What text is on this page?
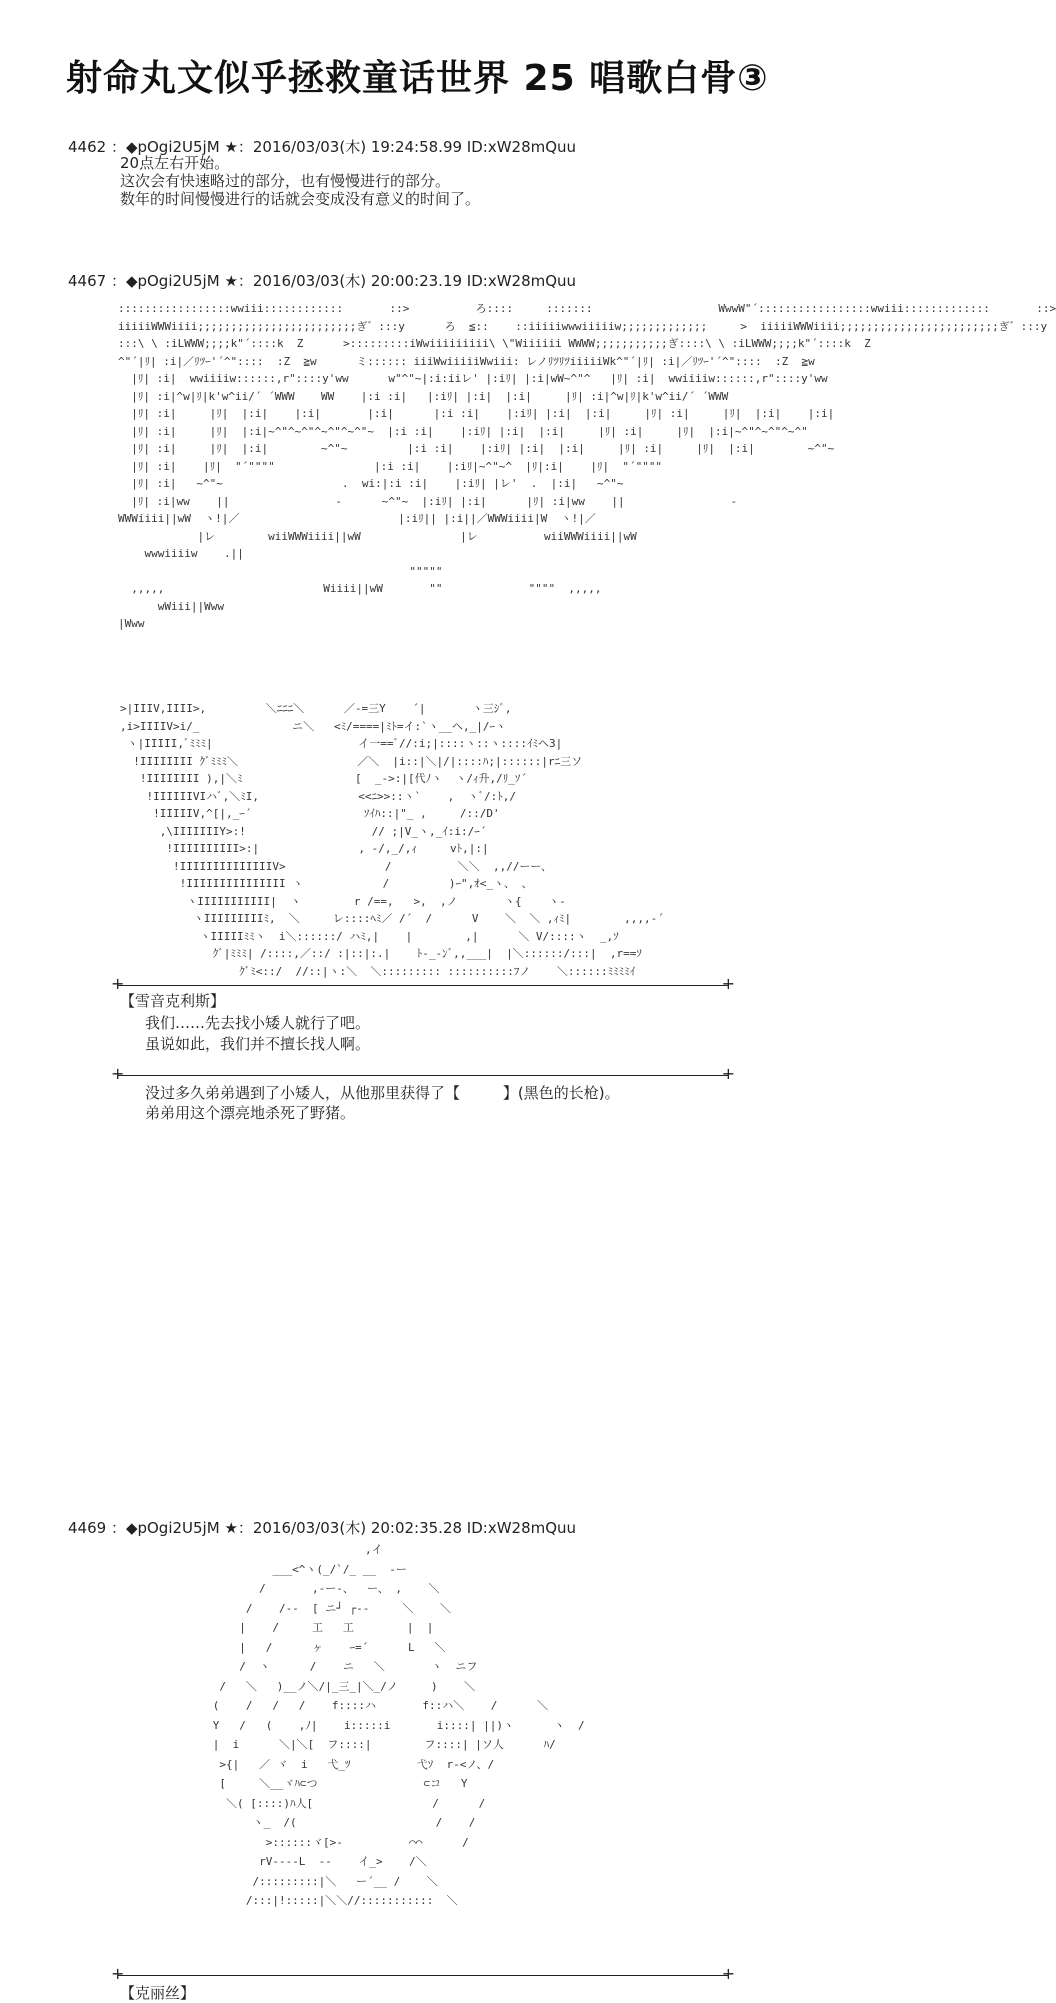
射命丸文似乎拯救童话世界 25 唱歌白骨③
4462 ：◆pOgi2U5jM ★：2016/03/03(木) 19:24:58.99 ID:xW28mQuu
20点左右开始。
这次会有快速略过的部分，也有慢慢进行的部分。
数年的时间慢慢进行的话就会变成没有意义的时间了。
4467 ：◆pOgi2U5jM ★：2016/03/03(木) 20:00:23.19 ID:xW28mQuu
:::::::::::::::::wwiii::::::::::::       ::>          ろ::::     :::::::                   WwwW"´:::::::::::::::::wwiii:::::::::::::       ::>
iiiiiWWWiiii;;;;;;;;;;;;;;;;;;;;;;;;ぎ゛:::y      ろ  ≦::    ::iiiiiwwwiiiiiw;;;;;;;;;;;;;     >  iiiiiWWWiiii;;;;;;;;;;;;;;;;;;;;;;;;ぎ゛:::y
:::\ \ :iLWWW;;;;k"´::::k  Z      >:::::::::iWwiiiiiiiii\ \"Wiiiiii WWWW;;;;;;;;;;;ぎ::::\ \ :iLWWW;;;;k"´::::k  Z
^"´|ﾘ| :i|／ﾘﾂｰ'´^"::::  :Z  ≧w      ミ:::::: iiiWwiiiiiWwiii: レノﾘﾂﾘﾂiiiiiWk^"´|ﾘ| :i|／ﾘﾂｰ'´^"::::  :Z  ≧w
|ﾘ| :i|  wwiiiiw::::::,r"::::y'ww      w"^"~|:i:iiレ' |:iﾘ| |:i|wW~^"^   |ﾘ| :i|  wwiiiiw::::::,r"::::y'ww
|ﾘ| :i|^w|ﾘ|k'w^ii/´ ´WWW    WW    |:i :i|   |:iﾘ| |:i|  |:i|     |ﾘ| :i|^w|ﾘ|k'w^ii/´ ´WWW
|ﾘ| :i|     |ﾘ|  |:i|    |:i|       |:i|      |:i :i|    |:iﾘ| |:i|  |:i|     |ﾘ| :i|     |ﾘ|  |:i|    |:i|
|ﾘ| :i|     |ﾘ|  |:i|~^"^~^"^~^"^~^"~  |:i :i|    |:iﾘ| |:i|  |:i|     |ﾘ| :i|     |ﾘ|  |:i|~^"^~^"^~^"
|ﾘ| :i|     |ﾘ|  |:i|        ~^"~         |:i :i|    |:iﾘ| |:i|  |:i|     |ﾘ| :i|     |ﾘ|  |:i|        ~^"~
|ﾘ| :i|    |ﾘ|  "´""""               |:i :i|    |:iﾘ|~^"~^  |ﾘ|:i|    |ﾘ|  "´""""
|ﾘ| :i|   ~^"~                  .  wi:|:i :i|    |:iﾘ| |レ'  .  |:i|   ~^"~
|ﾘ| :i|ww    ||                -      ~^"~  |:iﾘ| |:i|      |ﾘ| :i|ww    ||                -
WWWiiii||wW  ヽ!|／                        |:iﾘ|| |:i||／WWWiiii|W  ヽ!|／
|レ        wiiWWWiiii||wW               |レ          wiiWWWiiii||wW
wwwiiiiw    .||
"""""
,,,,,                        Wiiii||wW       ""             """"  ,,,,,
wWiii||Www
|Www
>|IIIV,IIII>,         ＼ﾆﾆﾆ＼      ／-=三Y    ´|       ヽ三ｼﾞ,
,i>IIIIV>i/_              ニ＼   <ﾐ/====|ﾐﾄ=イ:`ヽ__ヘ,_|/ｰヽ
ヽ|IIIII,ﾞﾐﾐﾐ|                      イ一==ﾞ//:i;|::::ヽ::ヽ::::ｲﾐヘ3|
!IIIIIIII ｸﾞﾐﾐﾐ＼                  ／＼  |i::|＼|/|::::ﾊ;|::::::|rﾆ三ソ
!IIIIIIII ),|＼ﾐ                 [  _->:|[代ﾉヽ  ヽ/ｨ升,/ﾘ_ｿ´
!IIIIIIVIハﾞ,＼ﾐI,               <<ﾆ>>::ヽ`    ,  ヽﾞ/:ﾄ,/
!IIIIIV,^[|,_ｰ´                 ｿｲﾊ::|"_ ,     /::/D'
,\IIIIIIIY>:!                   // ;|V_ヽ,_ｲ:i:/ｰ´
!IIIIIIIIII>:|               , -/,_/,ｨ     vﾄ,|:|
!IIIIIIIIIIIIIIV>               /          ＼＼  ,,//ーー、
!IIIIIIIIIIIIIII ヽ            /         )ｰ",ｵ<_ヽ、 、
ヽIIIIIIIIIII|  ヽ        r /==,   >,  ,ノ       ヽ{    ヽ-
ヽIIIIIIIIIﾐ,  ＼     レ::::ﾍﾐ／ /´  /      V    ＼  ＼ ,ｨﾐ|        ,,,,-´
ヽIIIIIﾐﾐヽ  i＼::::::/ ハﾐ,|    |        ,|      ＼ V/::::ヽ  _,ｿ
ｸﾞ|ﾐﾐﾐ| /::::,／::/ :|::|:.|    ﾄ-_-ﾝﾞ,,___|  |＼::::::/:::|  ,r==ｿ
ｸﾞﾐ<::/  //::|ヽ:＼  ＼::::::::: ::::::::::ﾌノ    ＼::::::ﾐﾐﾐﾐｲ
+	+
【雪音克利斯】
我们……先去找小矮人就行了吧。
虽说如此，我们并不擅长找人啊。
+	+
没过多久弟弟遇到了小矮人，从他那里获得了【         】(黑色的长枪)。
弟弟用这个漂亮地杀死了野猪。
4469 ：◆pOgi2U5jM ★：2016/03/03(木) 20:02:35.28 ID:xW28mQuu
,イ
___<^ヽ(_/`/_ __  -ー
/       ,-ー-、  ー、 ,    ＼
/    /--  [ ニ┘ ┌‐‐     ＼    ＼
|    /     工   工        |  |
|   /      ヶ    ｰ=´      L   ＼
/  ヽ      /    ニ   ＼       ヽ  ニフ
/   ＼   )__ノ＼/|_三_|＼_/ノ     )    ＼
(    /   /   /    f::::ハ       f::ハ＼    /      ＼
Y   /   (    ,ﾉ|    i:::::i       i::::| ||)ヽ      ヽ  /
|  i      ＼|＼[  フ::::|        フ::::| |ソ人      ﾊ/
>{|   ／ ヾ  i   弋_ﾂ          弋ｿ  r-<ノ、/
[     ＼__ヾﾊ⊂つ                ⊂コ   Y
＼( [::::)ﾊ人[                  /      /
ヽ_  /(                     /    /
>::::::ヾ[>-          ⌒⌒      /
rV----L  --    イ_>    /＼
/:::::::::|＼   ー´__ /    ＼
/:::|!:::::|＼＼//:::::::::::  ＼
+	+
【克丽丝】
